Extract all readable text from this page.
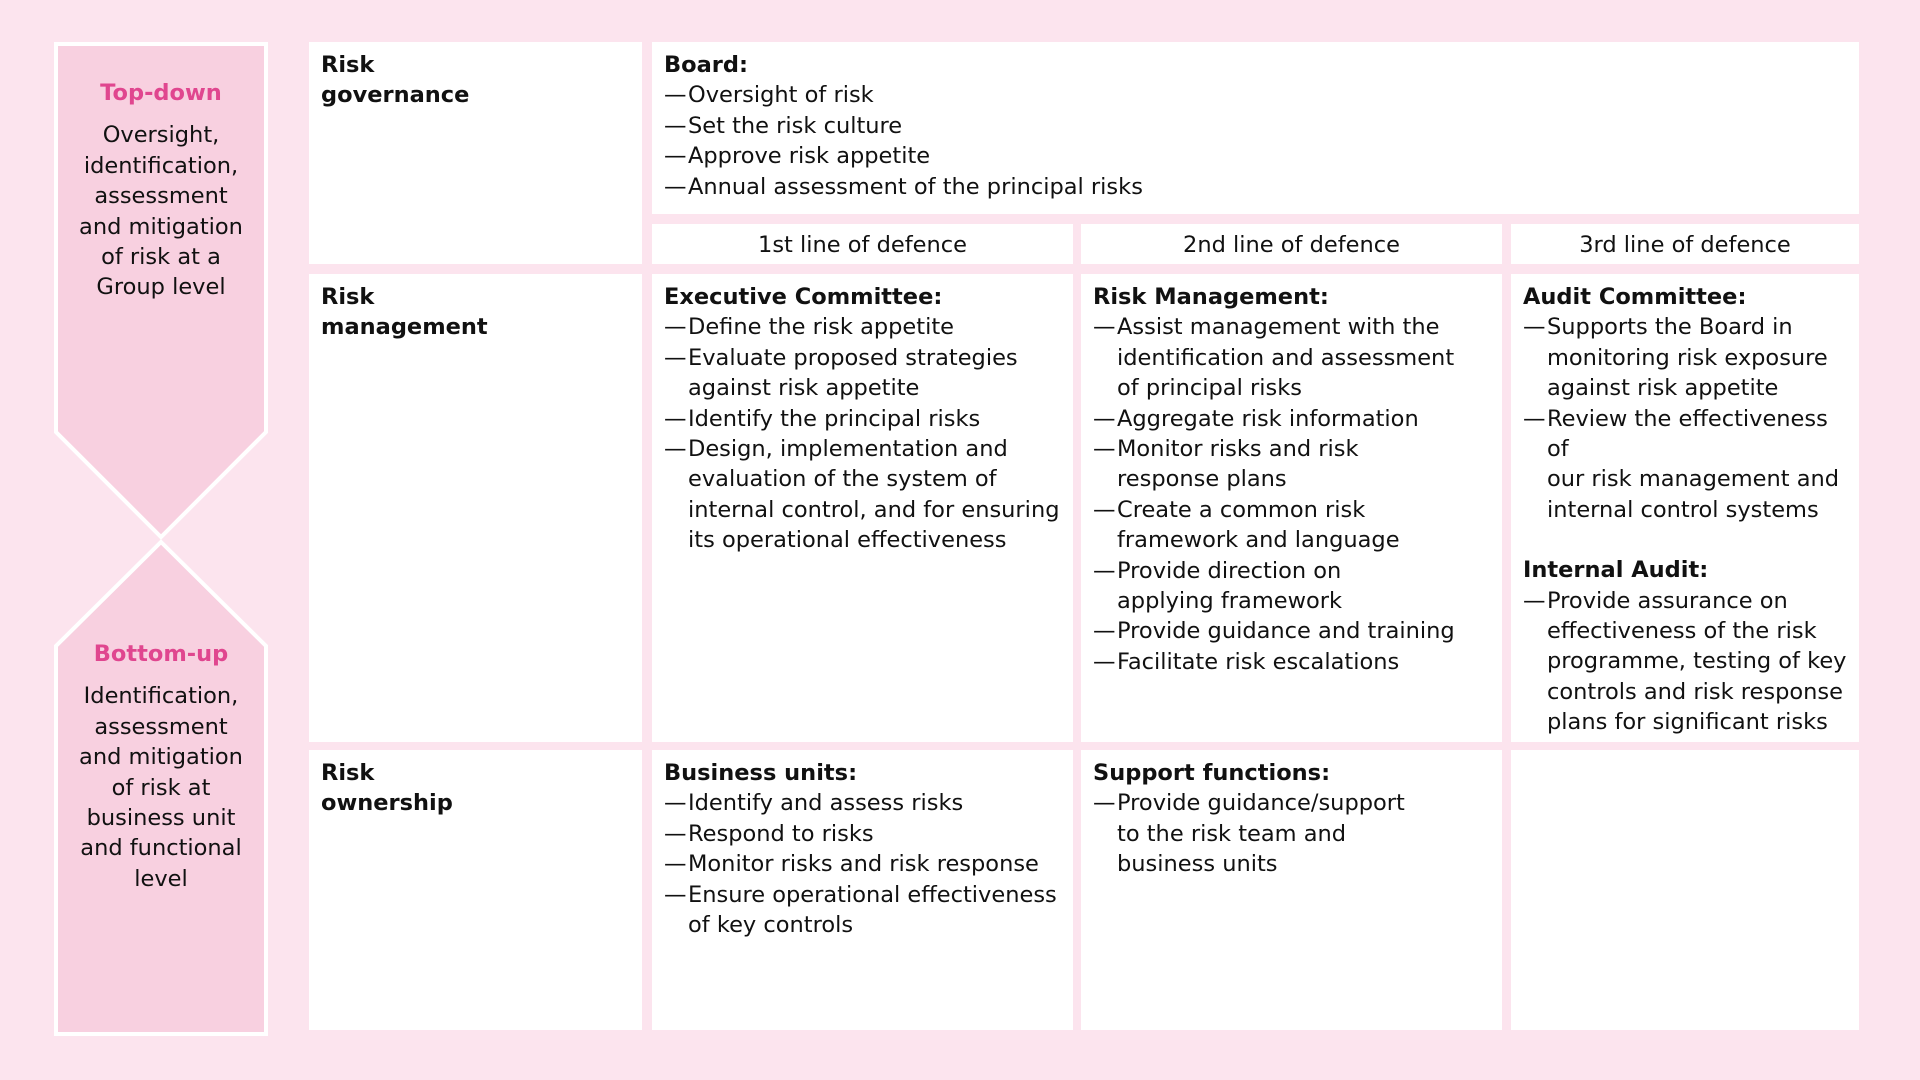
Top-down
Oversight,
identification,
assessment
and mitigation
of risk at a
Group level
Bottom-up
Identification,
assessment
and mitigation
of risk at
business unit
and functional
level
Risk
governance
Risk
management
Risk
ownership
Board:
— Oversight of risk
— Set the risk culture
— Approve risk appetite
— Annual assessment of the principal risks
1st line of defence	2nd line of defence	3rd line of defence
Executive Committee:
— Define the risk appetite
— Evaluate proposed strategies
against risk appetite
— Identify the principal risks
— Design, implementation and
evaluation of the system of
internal control, and for ensuring
its operational effectiveness
Risk Management:
— Assist management with the
identification and assessment
of principal risks
— Aggregate risk information
— Monitor risks and risk
response plans
— Create a common risk
framework and language
— Provide direction on
applying framework
— Provide guidance and training
— Facilitate risk escalations
Audit Committee:
— Supports the Board in
monitoring risk exposure
against risk appetite
— Review the effectiveness of
our risk management and
internal control systems
Internal Audit:
— Provide assurance on
effectiveness of the risk
programme, testing of key
controls and risk response
plans for significant risks
Business units:
— Identify and assess risks
— Respond to risks
— Monitor risks and risk response
— Ensure operational effectiveness
of key controls
Support functions:
— Provide guidance/support
to the risk team and
business units
